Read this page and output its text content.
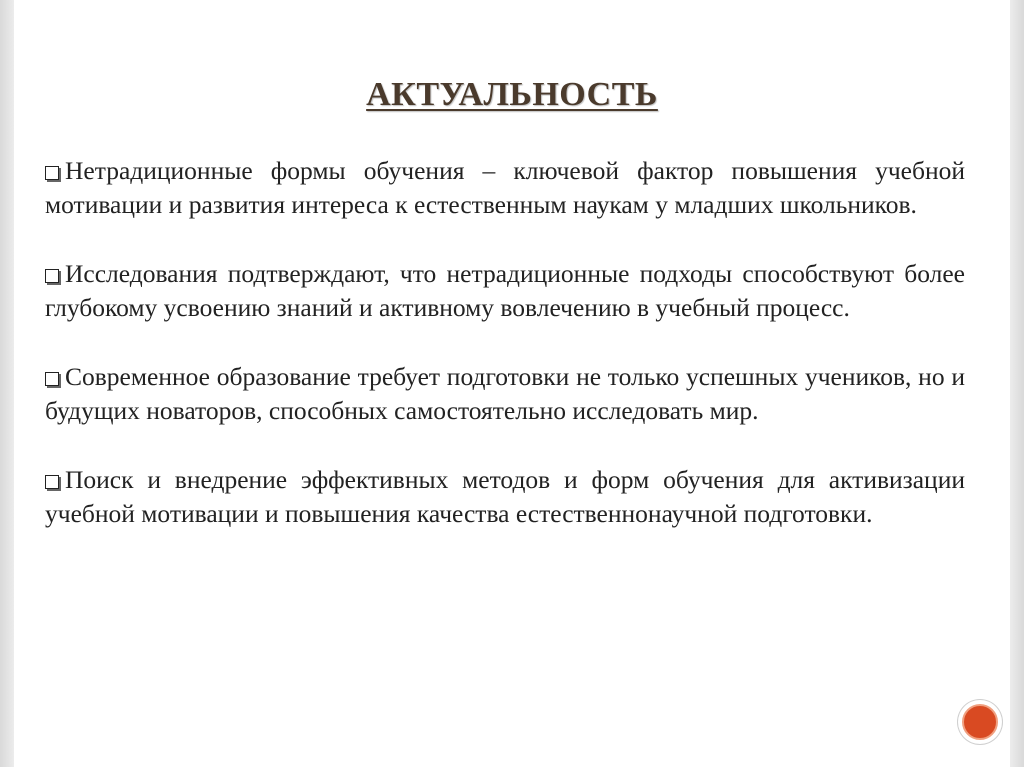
АКТУАЛЬНОСТЬ

Нетрадиционные формы обучения – ключевой фактор повышения учебной мотивации и развития интереса к естественным наукам у младших школьников.

Исследования подтверждают, что нетрадиционные подходы способствуют более глубокому усвоению знаний и активному вовлечению в учебный процесс.

Современное образование требует подготовки не только успешных учеников, но и будущих новаторов, способных самостоятельно исследовать мир.

Поиск и внедрение эффективных методов и форм обучения для активизации учебной мотивации и повышения качества естественнонаучной подготовки.
